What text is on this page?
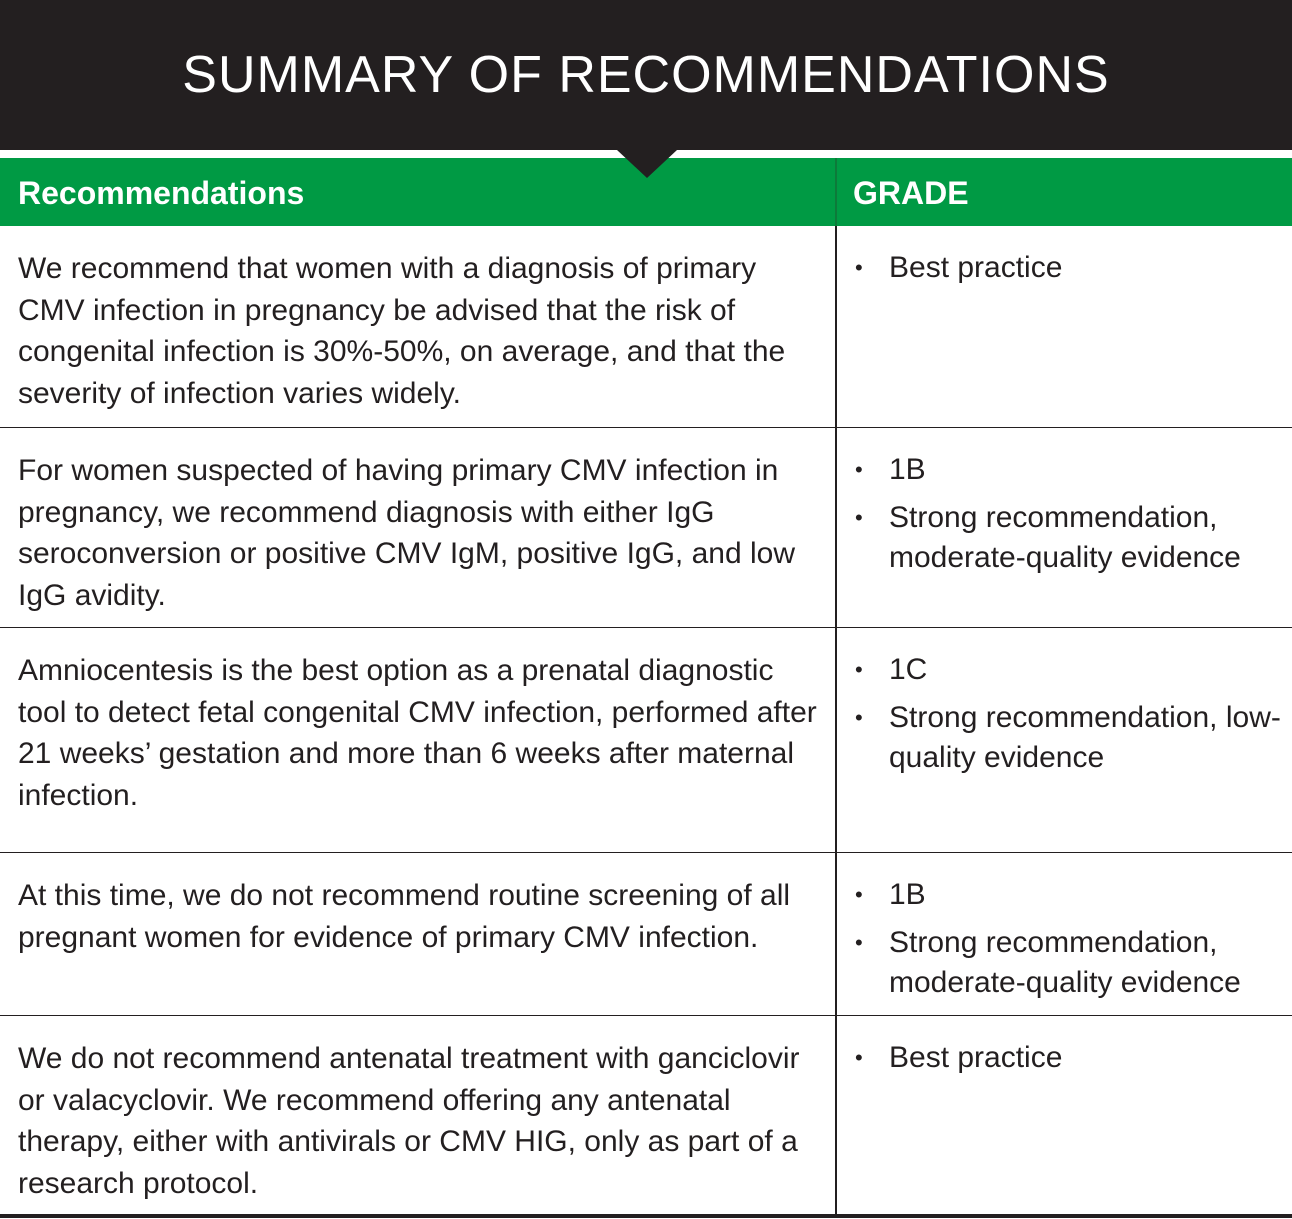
SUMMARY OF RECOMMENDATIONS
Recommendations	GRADE
We recommend that women with a diagnosis of primary CMV infection in pregnancy be advised that the risk of congenital infection is 30%-50%, on average, and that the severity of infection varies widely.
• Best practice
For women suspected of having primary CMV infection in pregnancy, we recommend diagnosis with either IgG seroconversion or positive CMV IgM, positive IgG, and low IgG avidity.
• 1B
• Strong recommendation, moderate-quality evidence
Amniocentesis is the best option as a prenatal diagnostic tool to detect fetal congenital CMV infection, performed after 21 weeks’ gestation and more than 6 weeks after maternal infection.
• 1C
• Strong recommendation, low-quality evidence
At this time, we do not recommend routine screening of all pregnant women for evidence of primary CMV infection.
• 1B
• Strong recommendation, moderate-quality evidence
We do not recommend antenatal treatment with ganciclovir or valacyclovir. We recommend offering any antenatal therapy, either with antivirals or CMV HIG, only as part of a research protocol.
• Best practice
